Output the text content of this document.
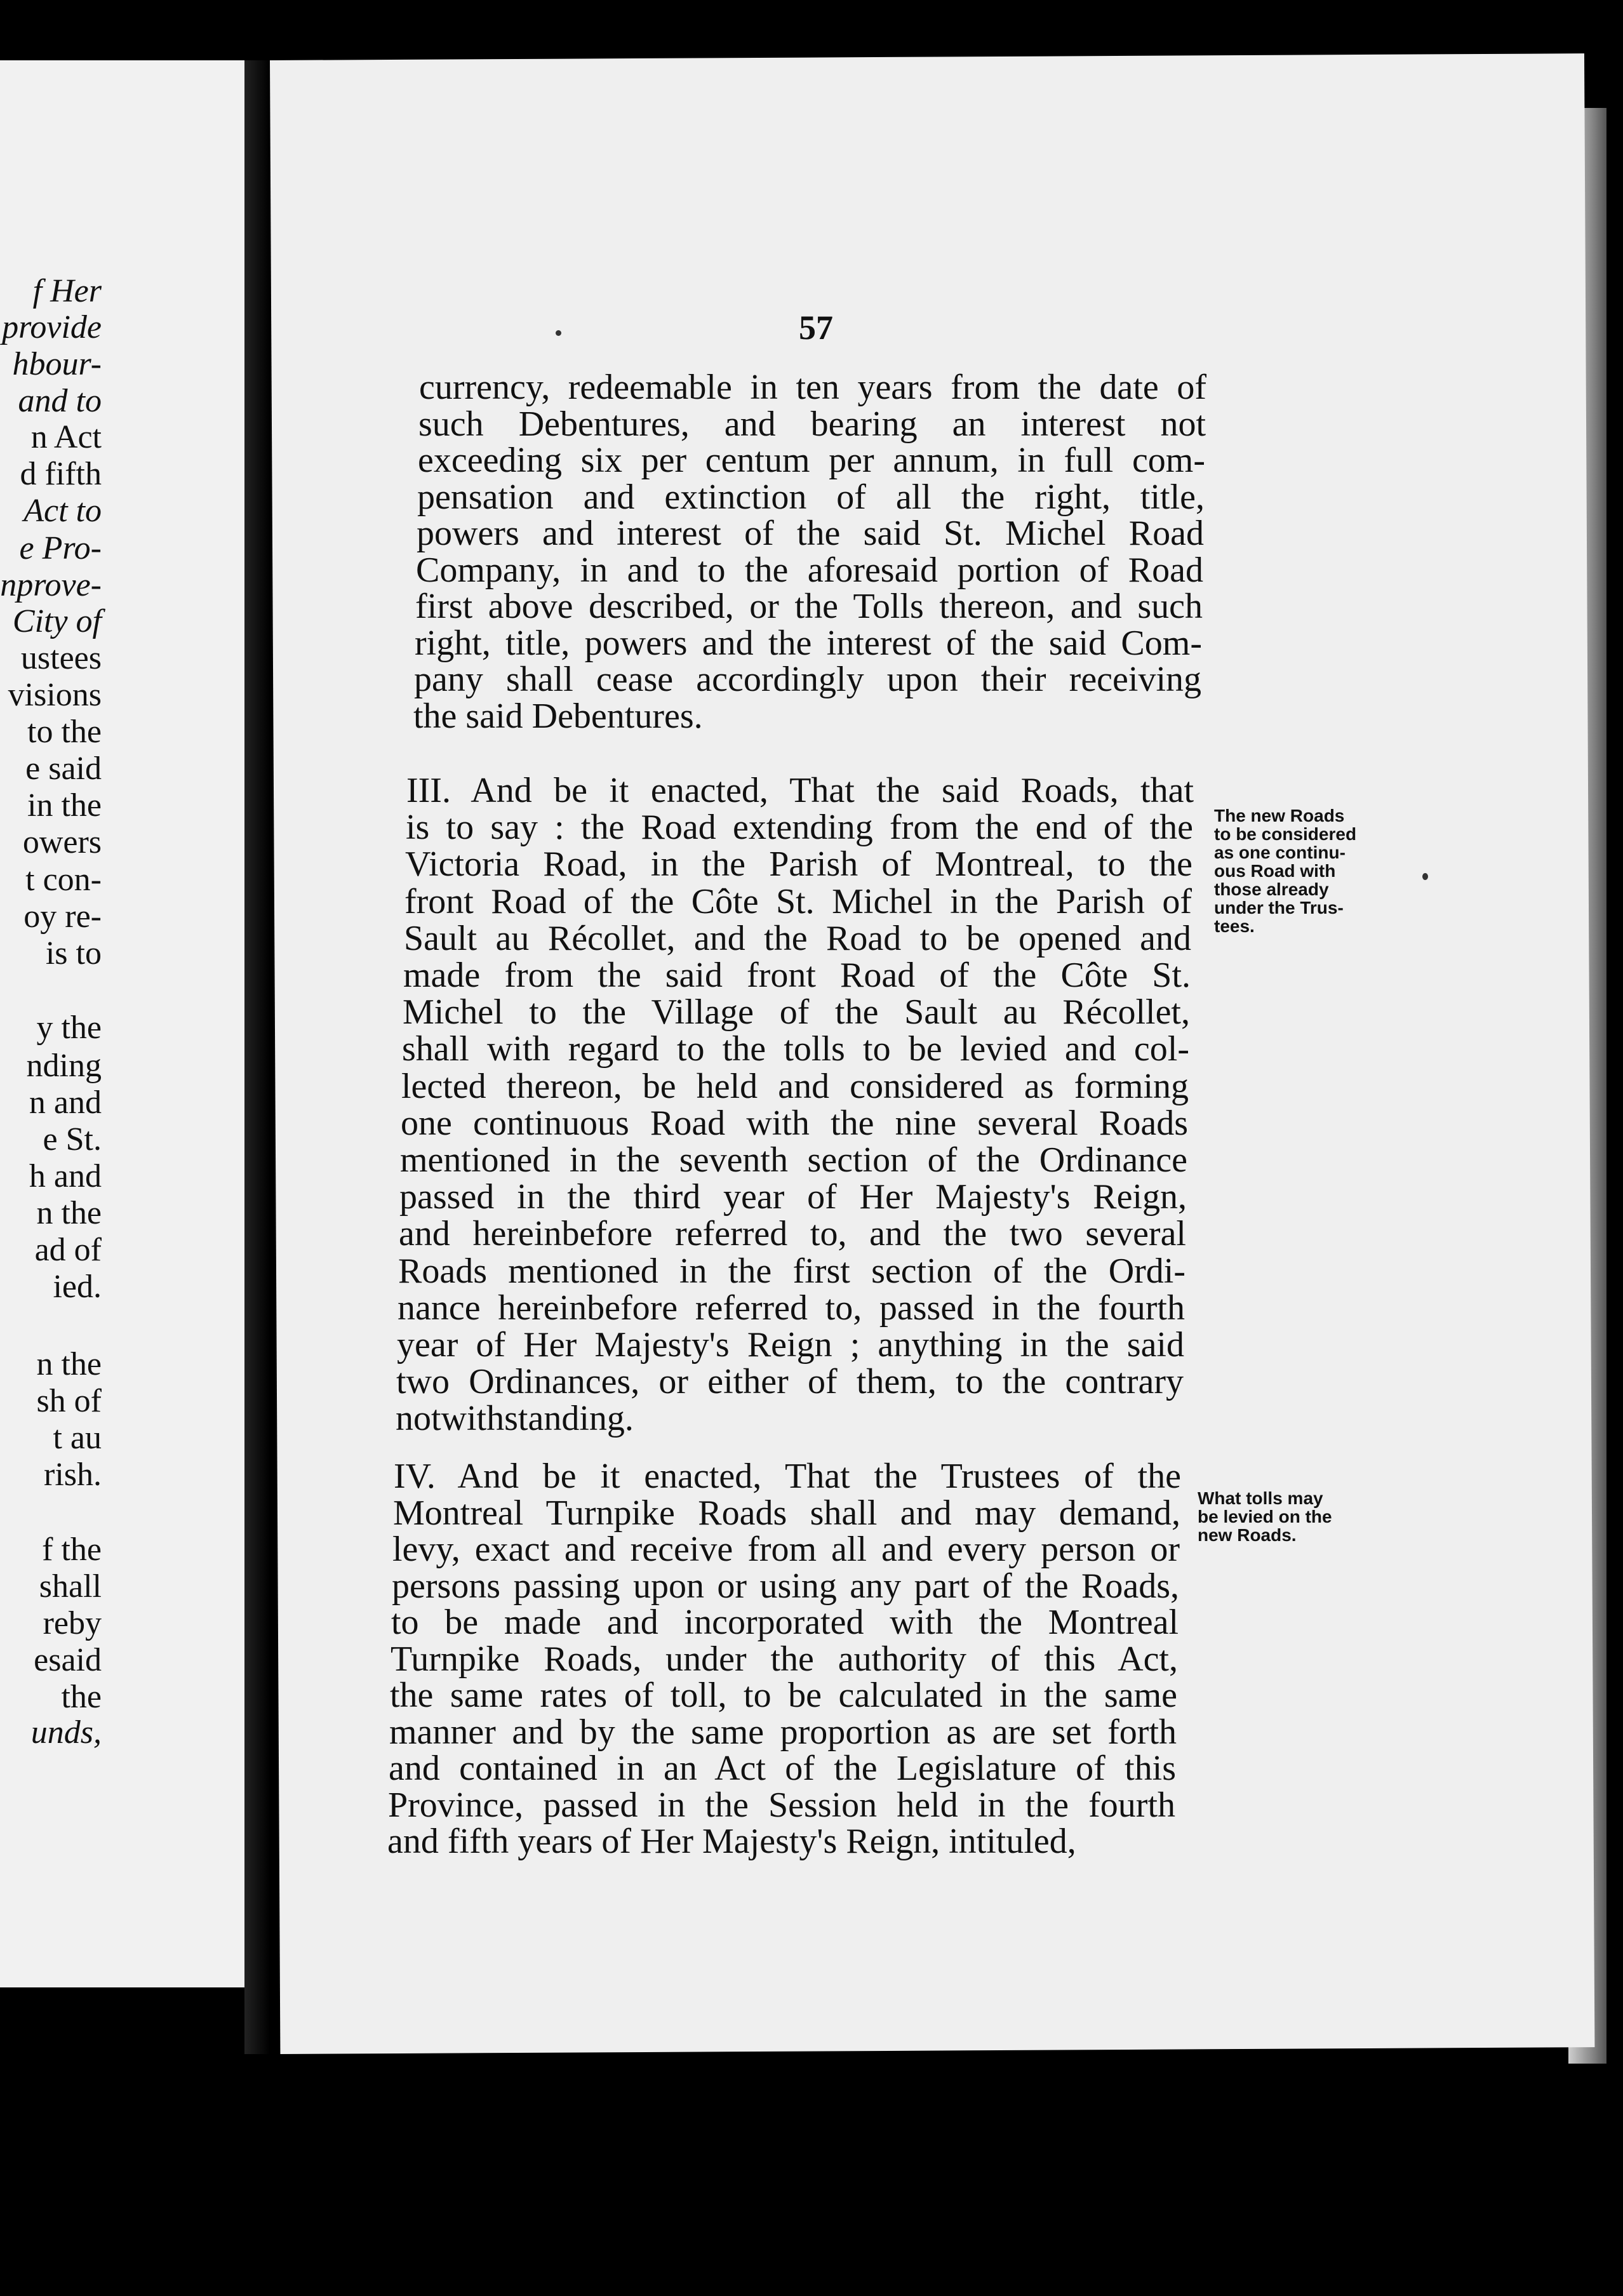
f Her
provide
hbour-
and to
n Act
d fifth
Act to
e Pro-
nprove-
City of
ustees
visions
to the
e said
in the
owers
t con-
oy re-
is to
y the
nding
n and
e St.
h and
n the
ad of
ied.
n the
sh of
t au
rish.
f the
shall
reby
esaid
the
unds,
57
currency, redeemable in ten years from the date of
such Debentures, and bearing an interest not
exceeding six per centum per annum, in full com-
pensation and extinction of all the right, title,
powers and interest of the said St. Michel Road
Company, in and to the aforesaid portion of Road
first above described, or the Tolls thereon, and such
right, title, powers and the interest of the said Com-
pany shall cease accordingly upon their receiving
the said Debentures.
III. And be it enacted, That the said Roads, that
is to say : the Road extending from the end of the
Victoria Road, in the Parish of Montreal, to the
front Road of the Côte St. Michel in the Parish of
Sault au Récollet, and the Road to be opened and
made from the said front Road of the Côte St.
Michel to the Village of the Sault au Récollet,
shall with regard to the tolls to be levied and col-
lected thereon, be held and considered as forming
one continuous Road with the nine several Roads
mentioned in the seventh section of the Ordinance
passed in the third year of Her Majesty's Reign,
and hereinbefore referred to, and the two several
Roads mentioned in the first section of the Ordi-
nance hereinbefore referred to, passed in the fourth
year of Her Majesty's Reign ; anything in the said
two Ordinances, or either of them, to the contrary
notwithstanding.
The new Roads
to be considered
as one continu-
ous Road with
those already
under the Trus-
tees.
IV. And be it enacted, That the Trustees of the
Montreal Turnpike Roads shall and may demand,
levy, exact and receive from all and every person or
persons passing upon or using any part of the Roads,
to be made and incorporated with the Montreal
Turnpike Roads, under the authority of this Act,
the same rates of toll, to be calculated in the same
manner and by the same proportion as are set forth
and contained in an Act of the Legislature of this
Province, passed in the Session held in the fourth
and fifth years of Her Majesty's Reign, intituled,
What tolls may
be levied on the
new Roads.
